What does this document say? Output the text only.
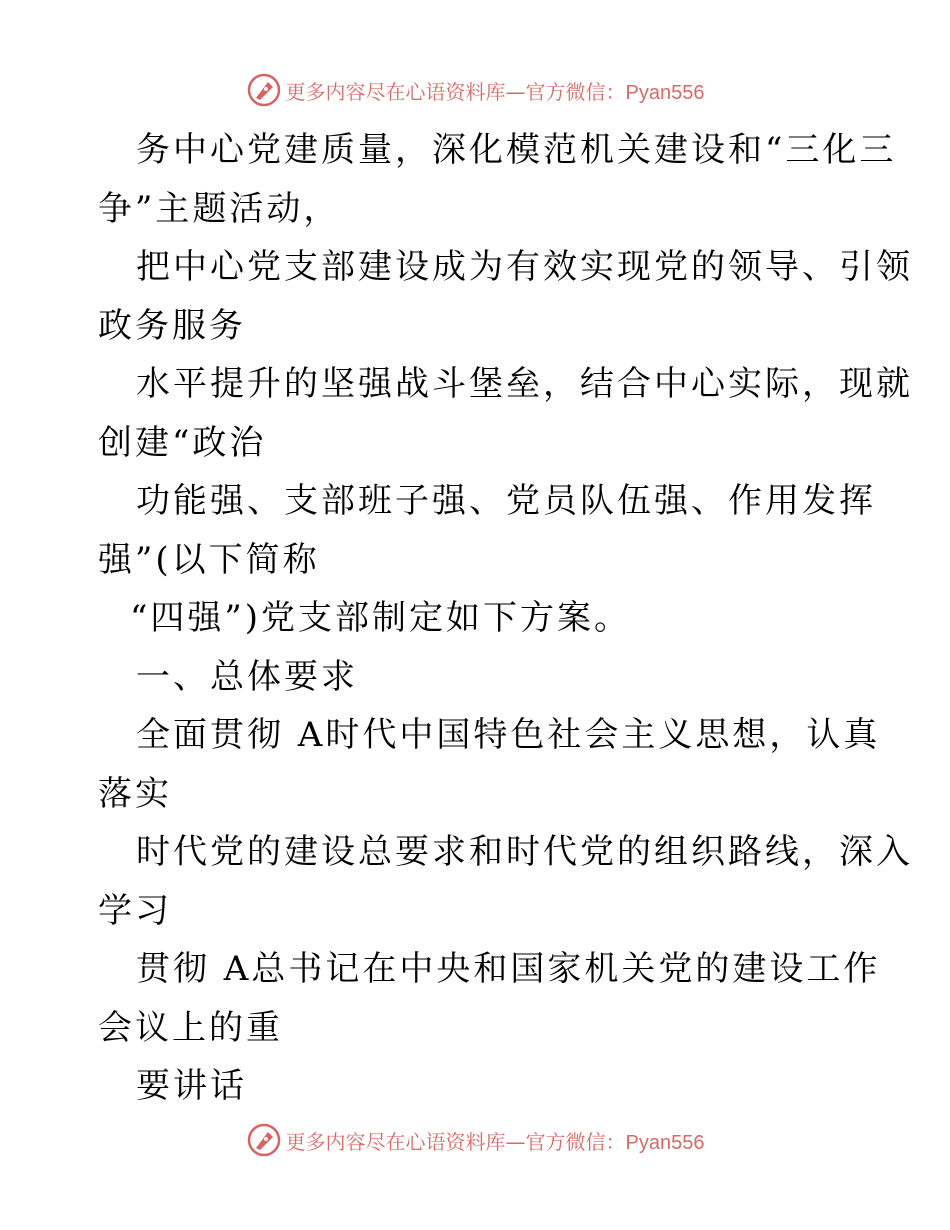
更多内容尽在心语资料库—官方微信：Pyan556
务中心党建质量，深化模范机关建设和“三化三
争”主题活动，
把中心党支部建设成为有效实现党的领导、引领
政务服务
水平提升的坚强战斗堡垒，结合中心实际，现就
创建“政治
功能强、支部班子强、党员队伍强、作用发挥
强”(以下简称
“四强”)党支部制定如下方案。
一、总体要求
全面贯彻 A时代中国特色社会主义思想，认真
落实
时代党的建设总要求和时代党的组织路线，深入
学习
贯彻 A总书记在中央和国家机关党的建设工作
会议上的重
要讲话
更多内容尽在心语资料库—官方微信：Pyan556
